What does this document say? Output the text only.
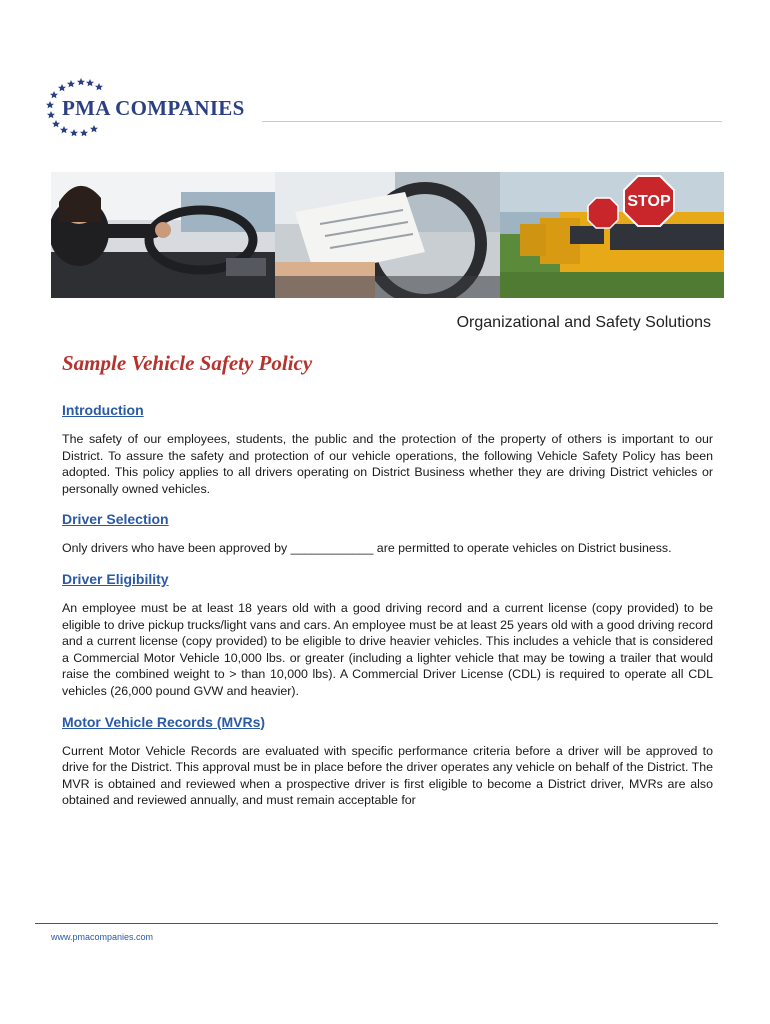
PMA COMPANIES
STOP
Organizational and Safety Solutions
Sample Vehicle Safety Policy
Introduction

The safety of our employees, students, the public and the protection of the property of others is important to our District. To assure the safety and protection of our vehicle operations, the following Vehicle Safety Policy has been adopted. This policy applies to all drivers operating on District Business whether they are driving District vehicles or personally owned vehicles.

Driver Selection

Only drivers who have been approved by ____________ are permitted to operate vehicles on District business.

Driver Eligibility

An employee must be at least 18 years old with a good driving record and a current license (copy provided) to be eligible to drive pickup trucks/light vans and cars. An employee must be at least 25 years old with a good driving record and a current license (copy provided) to be eligible to drive heavier vehicles. This includes a vehicle that is considered a Commercial Motor Vehicle 10,000 lbs. or greater (including a lighter vehicle that may be towing a trailer that would raise the combined weight to > than 10,000 lbs). A Commercial Driver License (CDL) is required to operate all CDL vehicles (26,000 pound GVW and heavier).

Motor Vehicle Records (MVRs)

Current Motor Vehicle Records are evaluated with specific performance criteria before a driver will be approved to drive for the District. This approval must be in place before the driver operates any vehicle on behalf of the District. The MVR is obtained and reviewed when a prospective driver is first eligible to become a District driver, MVRs are also obtained and reviewed annually, and must remain acceptable for

www.pmacompanies.com
